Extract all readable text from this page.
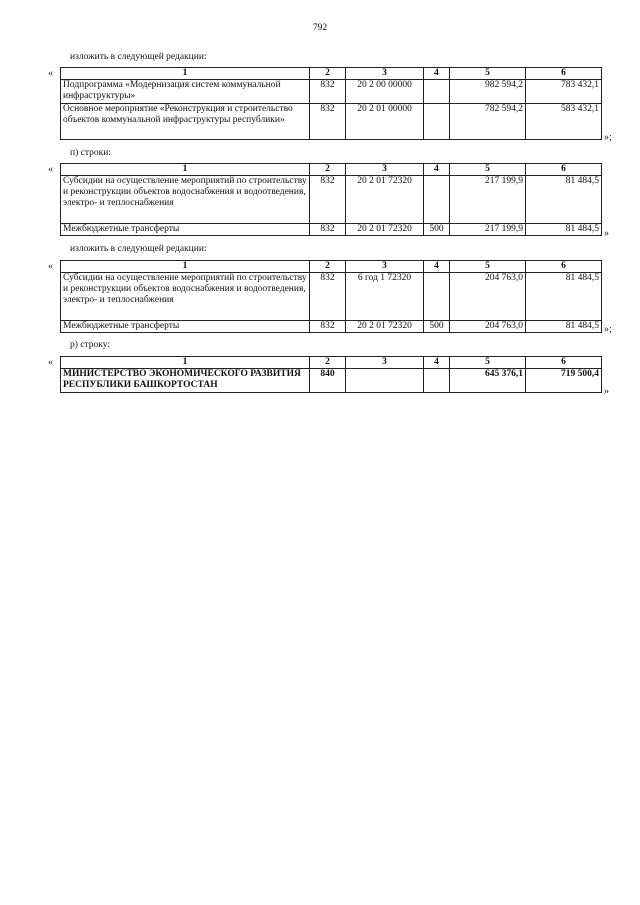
792
изложить в следующей редакции:
«	1	2	3	4	5	6
Подпрограмма «Модернизация систем коммунальной инфраструктуры»	832	20 2 00 00000		982 594,2	783 432,1
Основное мероприятие «Реконструкция и строительство объектов коммунальной инфраструктуры республики»	832	20 2 01 00000		782 594,2	583 432,1
»;
п) строки:
«	1	2	3	4	5	6
Субсидии на осуществление мероприятий по строительству и реконструкции объектов водоснабжения и водоотведения, электро- и теплоснабжения	832	20 2 01 72320		217 199,9	81 484,5
Межбюджетные трансферты	832	20 2 01 72320	500	217 199,9	81 484,5 »
изложить в следующей редакции:
«	1	2	3	4	5	6
Субсидии на осуществление мероприятий по строительству и реконструкции объектов водоснабжения и водоотведения, электро- и теплоснабжения	832	6 год 1 72320		204 763,0	81 484,5
Межбюджетные трансферты	832	20 2 01 72320	500	204 763,0	81 484,5 »;
р) строку:
«	1	2	3	4	5	6
МИНИСТЕРСТВО ЭКОНОМИЧЕСКОГО РАЗВИТИЯ РЕСПУБЛИКИ БАШКОРТОСТАН	840			645 376,1	719 500,4
»
